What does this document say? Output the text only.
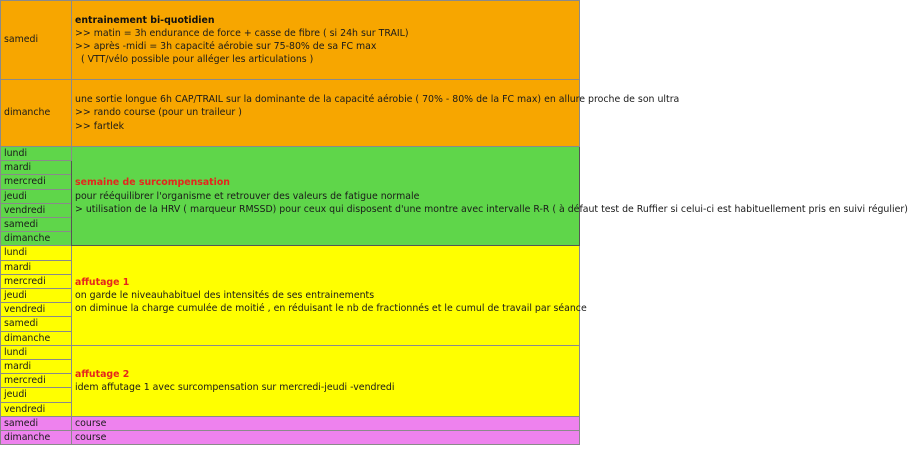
samedi	entrainement bi-quotidien
>> matin = 3h endurance de force + casse de fibre ( si 24h sur TRAIL)
>> après -midi = 3h capacité aérobie sur 75-80% de sa FC max
( VTT/vélo possible pour alléger les articulations )

dimanche	une sortie longue 6h CAP/TRAIL sur la dominante de la capacité aérobie ( 70% - 80% de la FC max) en allure proche de son ultra
>> rando course (pour un traileur )
>> fartlek

lundi	semaine de surcompensation
pour rééquilibrer l'organisme et retrouver des valeurs de fatigue normale
> utilisation de la HRV ( marqueur RMSSD) pour ceux qui disposent d'une montre avec intervalle R-R ( à défaut test de Ruffier si celui-ci est habituellement pris en suivi régulier)

mardi	
mercredi	
jeudi	
vendredi	
samedi	
dimanche	
lundi	affutage 1
on garde le niveauhabituel des intensités de ses entrainements
on diminue la charge cumulée de moitié , en réduisant le nb de fractionnés et le cumul de travail par séance

mardi	
mercredi	
jeudi	
vendredi	
samedi	
dimanche	
lundi	affutage 2
idem affutage 1 avec surcompensation sur mercredi-jeudi -vendredi

mardi	
mercredi	
jeudi	
vendredi	
samedi	course
dimanche	course
